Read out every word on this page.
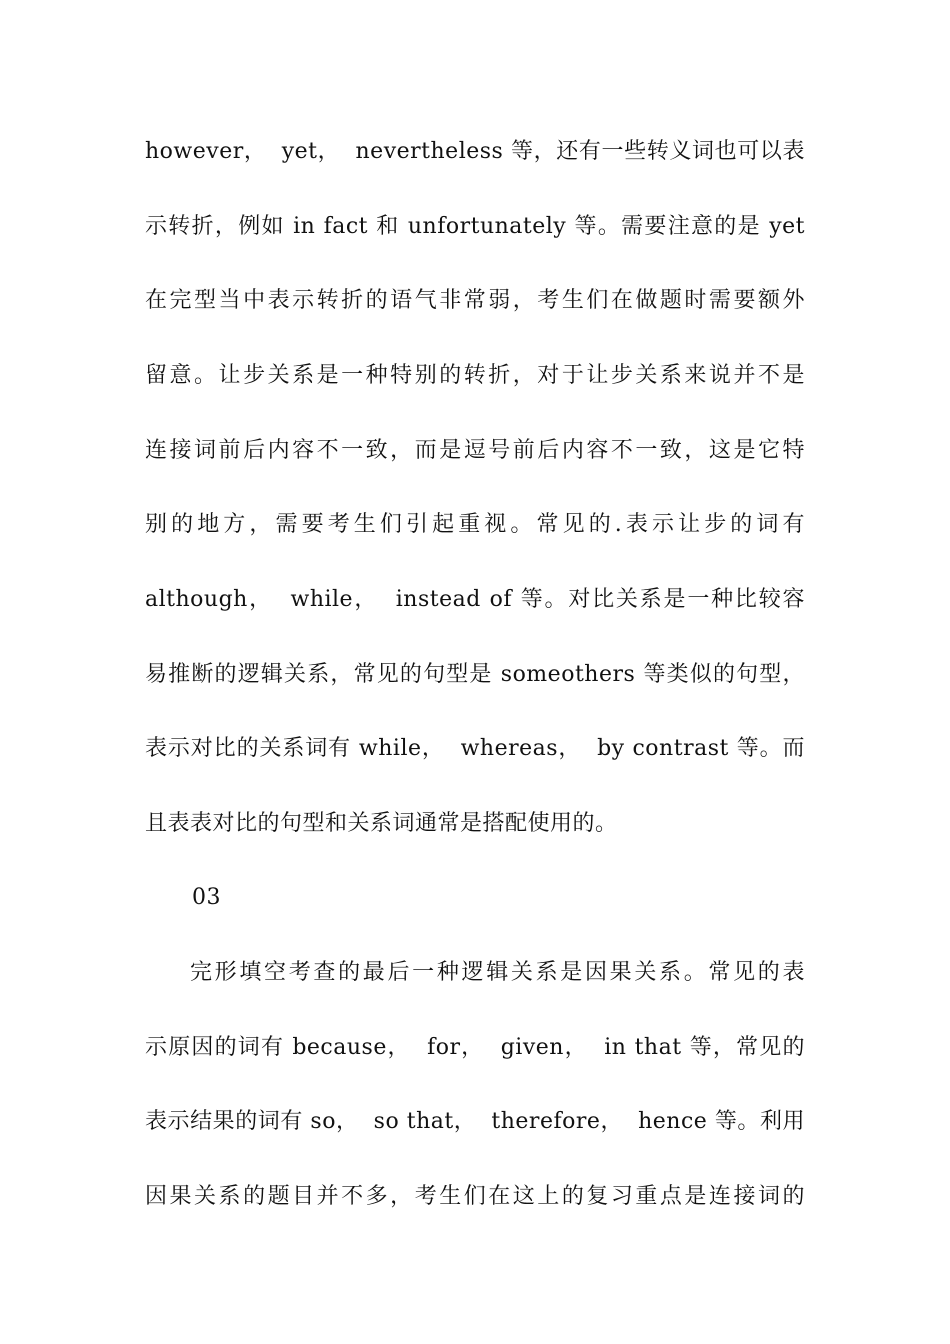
however，  yet，  nevertheless 等，还有一些转义词也可以表
示转折，例如 in fact 和 unfortunately 等。需要注意的是 yet
在完型当中表示转折的语气非常弱，考生们在做题时需要额外
留意。让步关系是一种特别的转折，对于让步关系来说并不是
连接词前后内容不一致，而是逗号前后内容不一致，这是它特
别的地方，需要考生们引起重视。常见的.表示让步的词有
although，  while，  instead of 等。对比关系是一种比较容
易推断的逻辑关系，常见的句型是 someothers 等类似的句型，
表示对比的关系词有 while，  whereas，  by contrast 等。而
且表表对比的句型和关系词通常是搭配使用的。
03
完形填空考查的最后一种逻辑关系是因果关系。常见的表
示原因的词有 because，  for，  given，  in that 等，常见的
表示结果的词有 so，  so that，  therefore，  hence 等。利用
因果关系的题目并不多，考生们在这上的复习重点是连接词的
